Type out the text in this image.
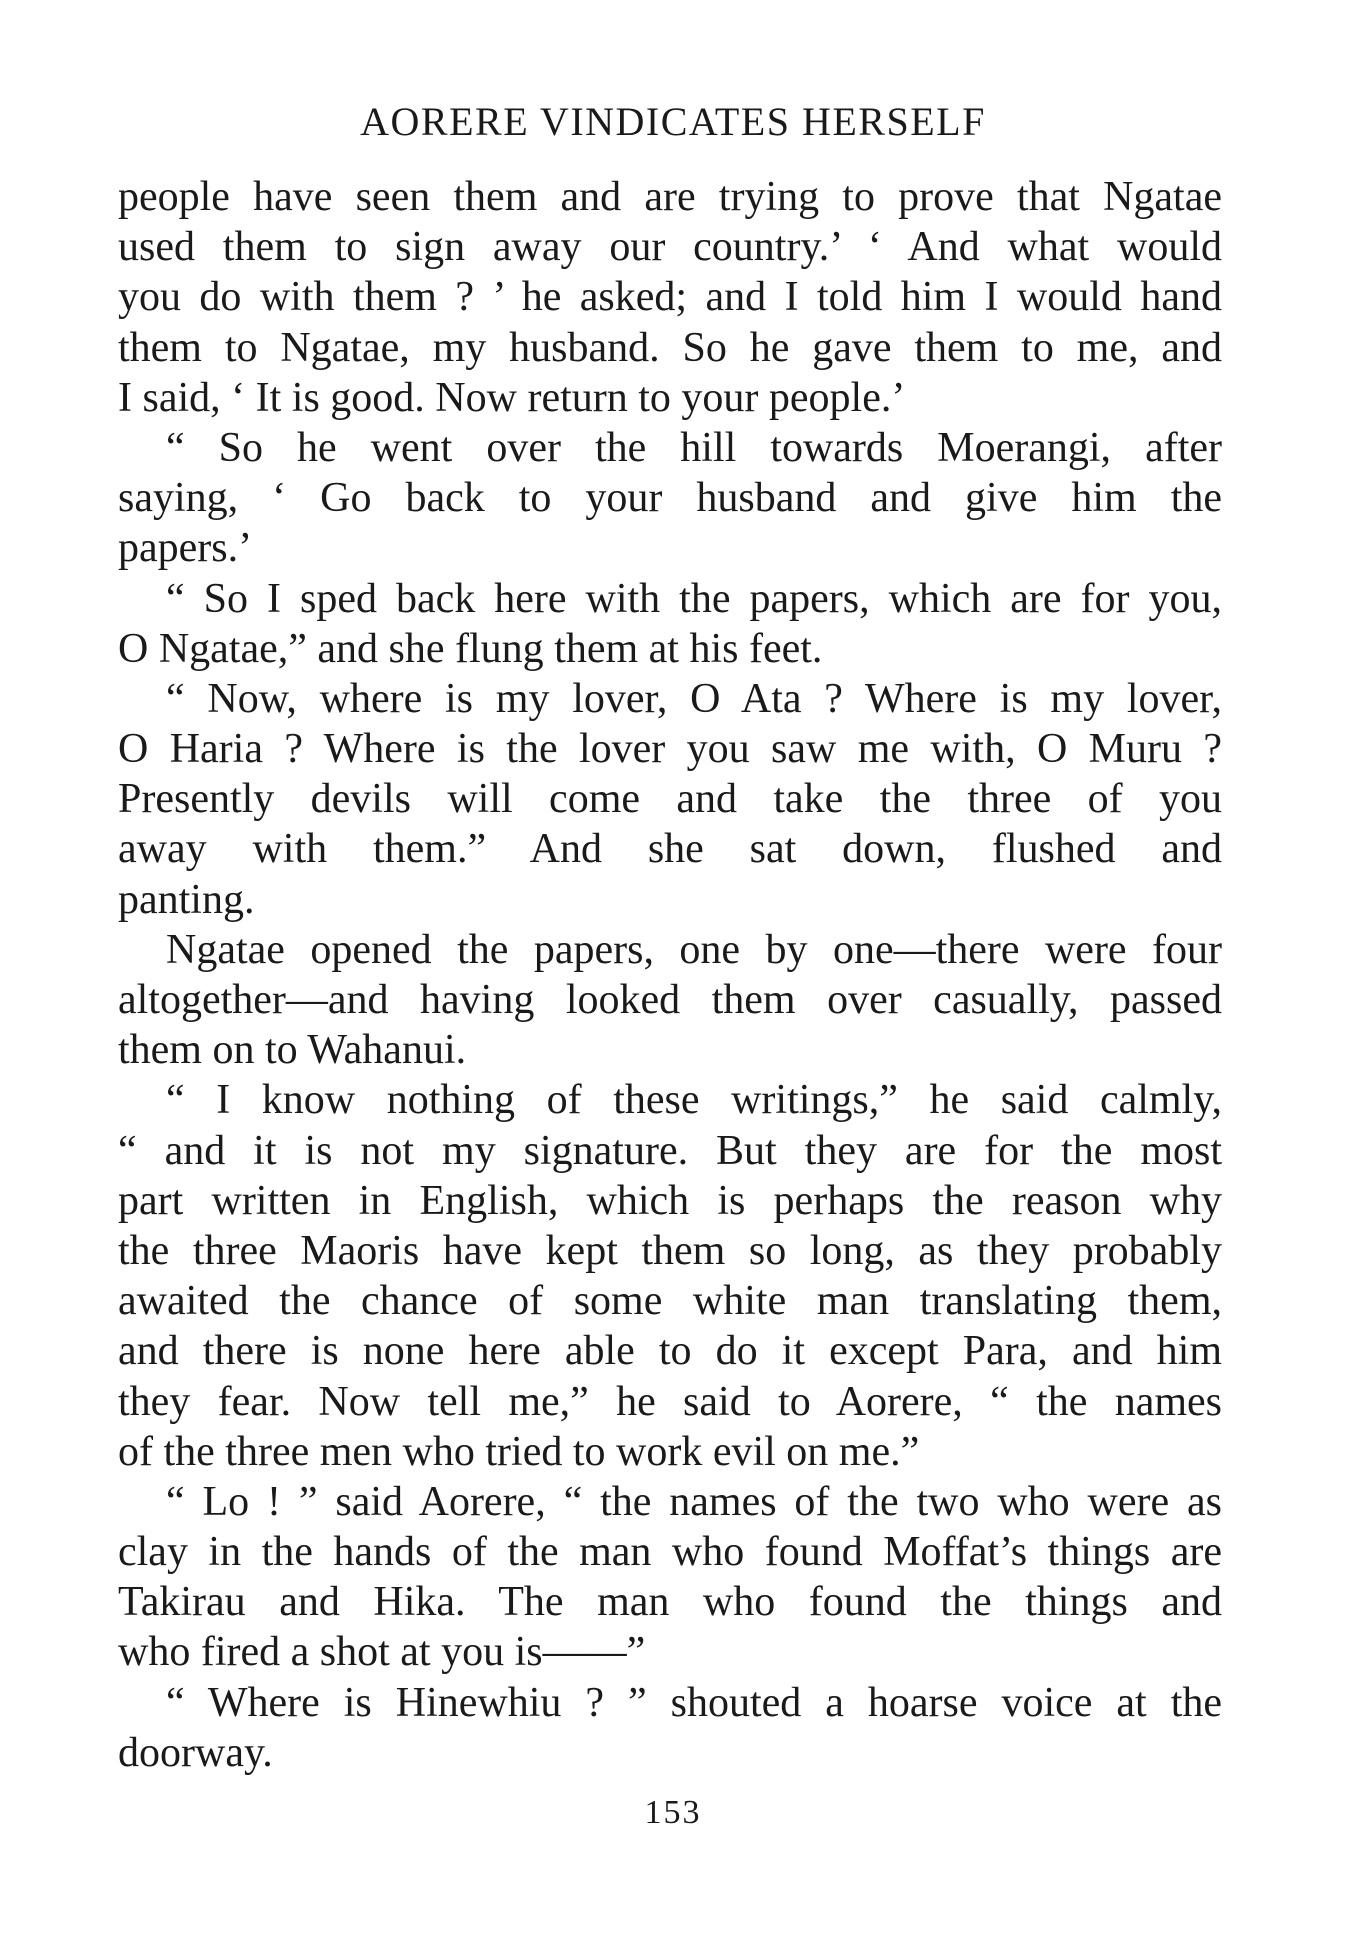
AORERE VINDICATES HERSELF
people have seen them and are trying to prove that Ngatae
used them to sign away our country.’ ‘ And what would
you do with them ? ’ he asked; and I told him I would hand
them to Ngatae, my husband. So he gave them to me, and
I said, ‘ It is good. Now return to your people.’
“ So he went over the hill towards Moerangi, after
saying, ‘ Go back to your husband and give him the
papers.’
“ So I sped back here with the papers, which are for you,
O Ngatae,” and she flung them at his feet.
“ Now, where is my lover, O Ata ? Where is my lover,
O Haria ? Where is the lover you saw me with, O Muru ?
Presently devils will come and take the three of you
away with them.” And she sat down, flushed and
panting.
Ngatae opened the papers, one by one—there were four
altogether—and having looked them over casually, passed
them on to Wahanui.
“ I know nothing of these writings,” he said calmly,
“ and it is not my signature. But they are for the most
part written in English, which is perhaps the reason why
the three Maoris have kept them so long, as they probably
awaited the chance of some white man translating them,
and there is none here able to do it except Para, and him
they fear. Now tell me,” he said to Aorere, “ the names
of the three men who tried to work evil on me.”
“ Lo ! ” said Aorere, “ the names of the two who were as
clay in the hands of the man who found Moffat’s things are
Takirau and Hika. The man who found the things and
who fired a shot at you is——”
“ Where is Hinewhiu ? ” shouted a hoarse voice at the
doorway.
153
